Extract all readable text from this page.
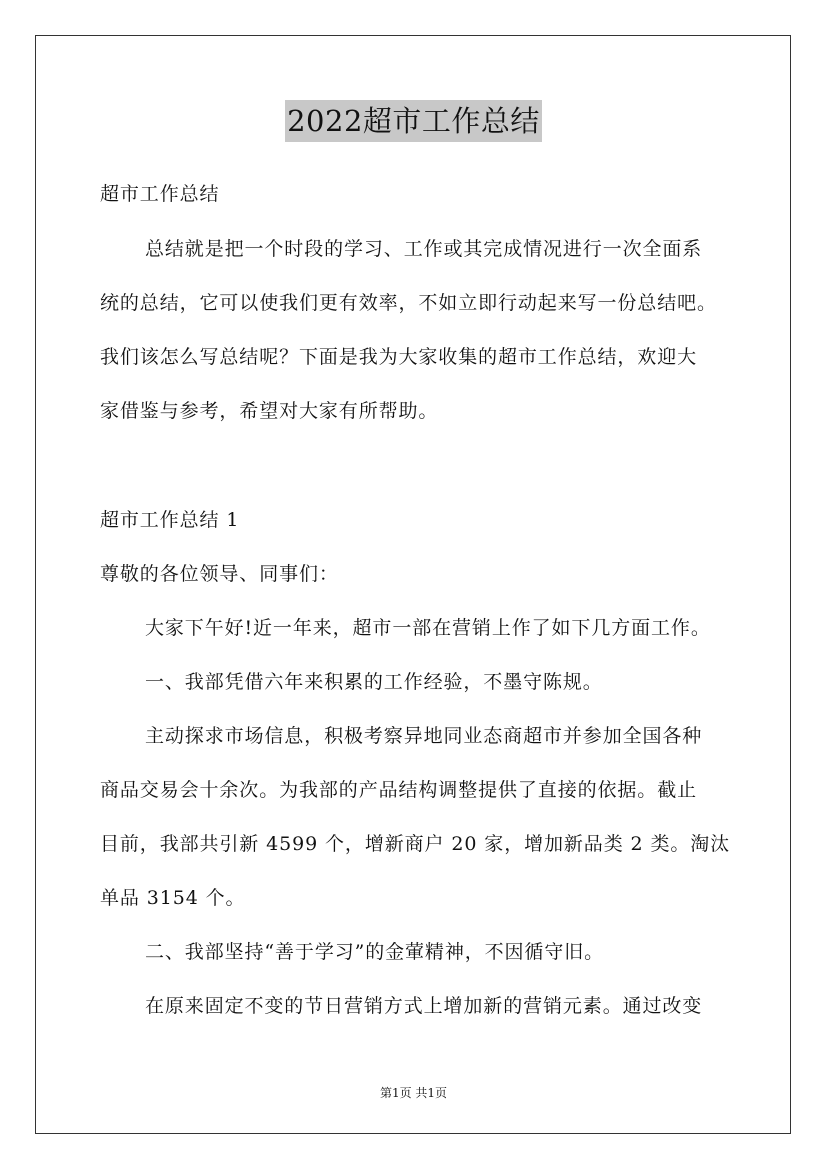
2022超市工作总结
超市工作总结
总结就是把一个时段的学习、工作或其完成情况进行一次全面系
统的总结，它可以使我们更有效率，不如立即行动起来写一份总结吧。
我们该怎么写总结呢？下面是我为大家收集的超市工作总结，欢迎大
家借鉴与参考，希望对大家有所帮助。
超市工作总结 1
尊敬的各位领导、同事们：
大家下午好!近一年来，超市一部在营销上作了如下几方面工作。
一、我部凭借六年来积累的工作经验，不墨守陈规。
主动探求市场信息，积极考察异地同业态商超市并参加全国各种
商品交易会十余次。为我部的产品结构调整提供了直接的依据。截止
目前，我部共引新 4599 个，增新商户 20 家，增加新品类 2 类。淘汰
单品 3154 个。
二、我部坚持“善于学习”的金葷精神，不因循守旧。
在原来固定不变的节日营销方式上增加新的营销元素。通过改变
第1页 共1页
